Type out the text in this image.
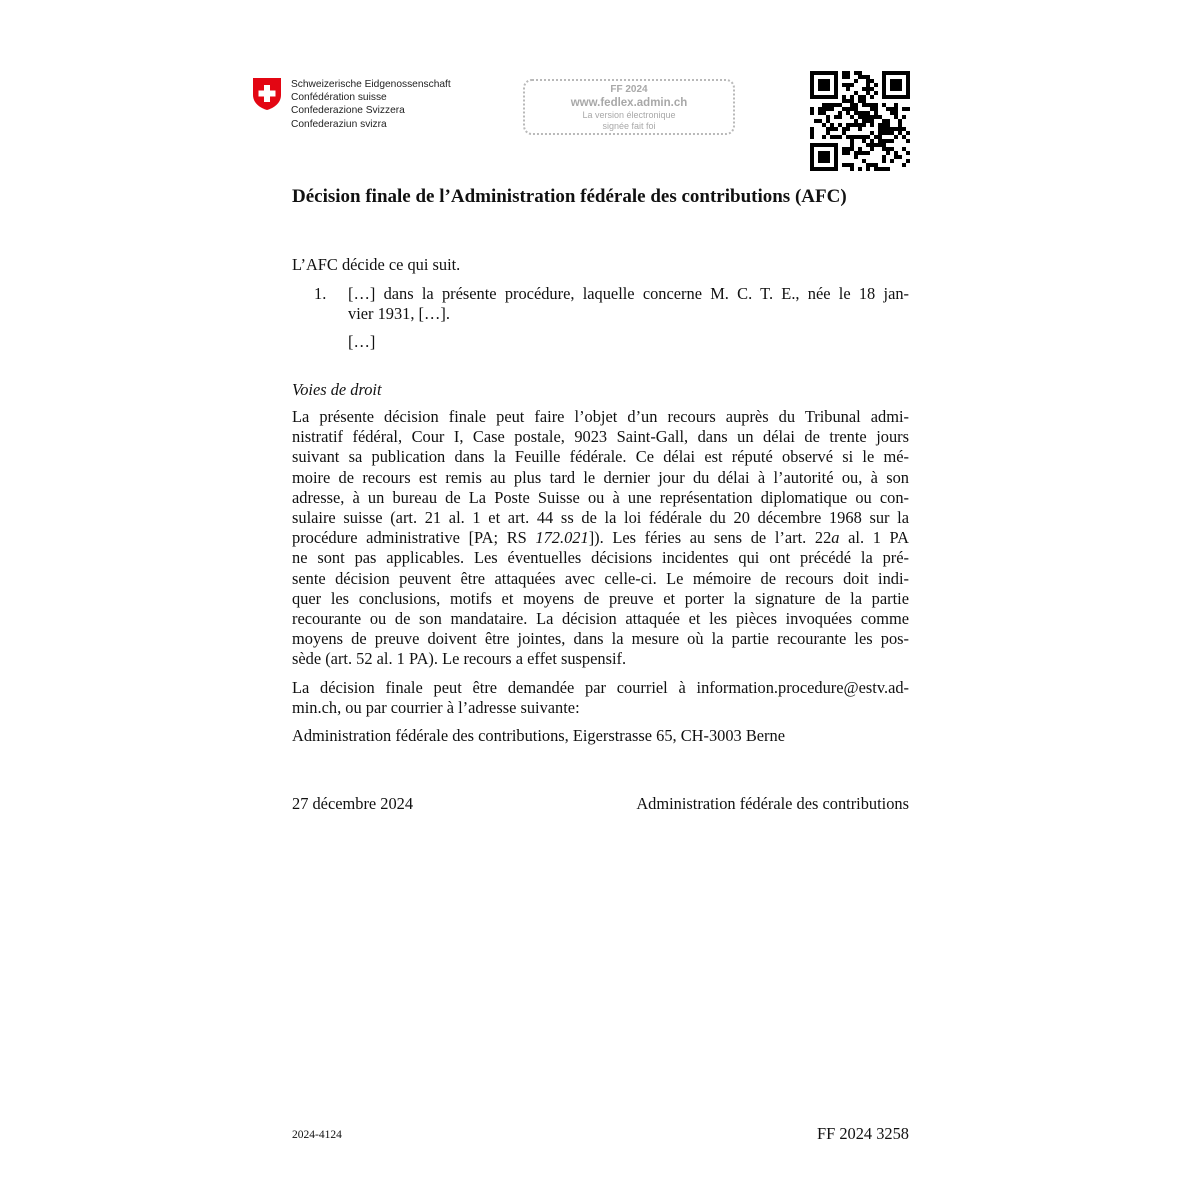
Schweizerische Eidgenossenschaft
Confédération suisse
Confederazione Svizzera
Confederaziun svizra
FF 2024
www.fedlex.admin.ch
La version électronique
signée fait foi
Décision finale de l’Administration fédérale des contributions (AFC)
L’AFC décide ce qui suit.
1. […] dans la présente procédure, laquelle concerne M. C. T. E., née le 18 jan-
vier 1931, […].
[…]
Voies de droit
La présente décision finale peut faire l’objet d’un recours auprès du Tribunal admi-
nistratif fédéral, Cour I, Case postale, 9023 Saint-Gall, dans un délai de trente jours
suivant sa publication dans la Feuille fédérale. Ce délai est réputé observé si le mé-
moire de recours est remis au plus tard le dernier jour du délai à l’autorité ou, à son
adresse, à un bureau de La Poste Suisse ou à une représentation diplomatique ou con-
sulaire suisse (art. 21 al. 1 et art. 44 ss de la loi fédérale du 20 décembre 1968 sur la
procédure administrative [PA; RS 172.021]). Les féries au sens de l’art. 22a al. 1 PA
ne sont pas applicables. Les éventuelles décisions incidentes qui ont précédé la pré-
sente décision peuvent être attaquées avec celle-ci. Le mémoire de recours doit indi-
quer les conclusions, motifs et moyens de preuve et porter la signature de la partie
recourante ou de son mandataire. La décision attaquée et les pièces invoquées comme
moyens de preuve doivent être jointes, dans la mesure où la partie recourante les pos-
sède (art. 52 al. 1 PA). Le recours a effet suspensif.
La décision finale peut être demandée par courriel à information.procedure@estv.ad-
min.ch, ou par courrier à l’adresse suivante:
Administration fédérale des contributions, Eigerstrasse 65, CH-3003 Berne
27 décembre 2024	Administration fédérale des contributions
2024-4124	FF 2024 3258
